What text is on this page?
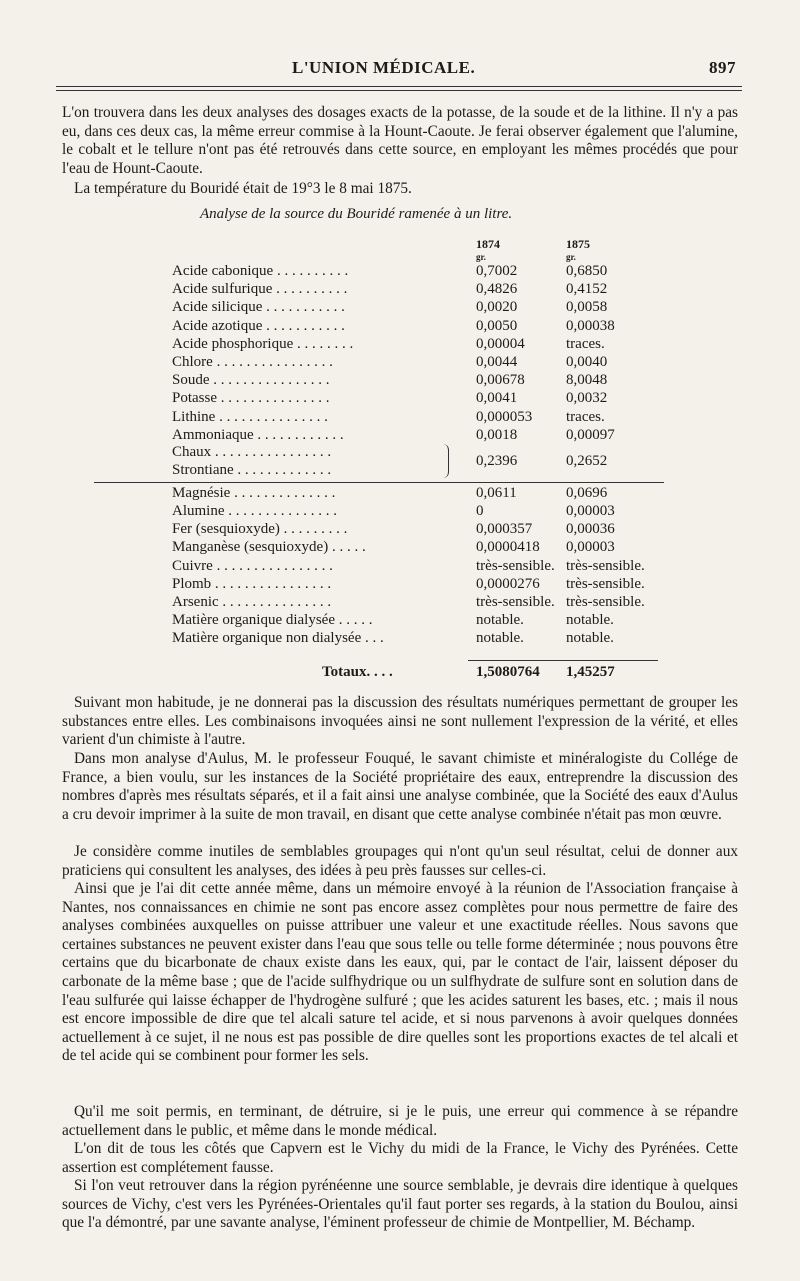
L'UNION MÉDICALE.	897
L'on trouvera dans les deux analyses des dosages exacts de la potasse, de la soude et de la lithine. Il n'y a pas eu, dans ces deux cas, la même erreur commise à la Hount-Caoute. Je ferai observer également que l'alumine, le cobalt et le tellure n'ont pas été retrouvés dans cette source, en employant les mêmes procédés que pour l'eau de Hount-Caoute.
La température du Bouridé était de 19°3 le 8 mai 1875.
Analyse de la source du Bouridé ramenée à un litre.
1874	1875
gr.	gr.
Acide cabonique . . . . . . . . . .	0,7002	0,6850
Acide sulfurique . . . . . . . . . .	0,4826	0,4152
Acide silicique . . . . . . . . . . .	0,0020	0,0058
Acide azotique . . . . . . . . . . .	0,0050	0,00038
Acide phosphorique . . . . . . . .	0,00004	traces.
Chlore . . . . . . . . . . . . . . . .	0,0044	0,0040
Soude . . . . . . . . . . . . . . . .	0,00678	8,0048
Potasse . . . . . . . . . . . . . . .	0,0041	0,0032
Lithine . . . . . . . . . . . . . . .	0,000053 traces.
Ammoniaque . . . . . . . . . . . .	0,0018	0,00097
Chaux . . . . . . . . . . . . . . . .
Strontiane . . . . . . . . . . . . .
0,2396	0,2652
Magnésie . . . . . . . . . . . . . .	0,0611	0,0696
Alumine . . . . . . . . . . . . . . .	0	0,00003
Fer (sesquioxyde) . . . . . . . . .	0,000357 0,00036
Manganèse (sesquioxyde) . . . . .	0,0000418 0,00003
Cuivre . . . . . . . . . . . . . . . .	très-sensible. très-sensible.
Plomb . . . . . . . . . . . . . . . .	0,0000276 très-sensible.
Arsenic . . . . . . . . . . . . . . .	très-sensible. très-sensible.
Matière organique dialysée . . . . .	notable.	notable.
Matière organique non dialysée . . .	notable.	notable.
Totaux. . . .	1,5080764 1,45257
Suivant mon habitude, je ne donnerai pas la discussion des résultats numériques permettant de grouper les substances entre elles. Les combinaisons invoquées ainsi ne sont nullement l'expression de la vérité, et elles varient d'un chimiste à l'autre.
Dans mon analyse d'Aulus, M. le professeur Fouqué, le savant chimiste et minéralogiste du Collége de France, a bien voulu, sur les instances de la Société propriétaire des eaux, entreprendre la discussion des nombres d'après mes résultats séparés, et il a fait ainsi une analyse combinée, que la Société des eaux d'Aulus a cru devoir imprimer à la suite de mon travail, en disant que cette analyse combinée n'était pas mon œuvre.
Je considère comme inutiles de semblables groupages qui n'ont qu'un seul résultat, celui de donner aux praticiens qui consultent les analyses, des idées à peu près fausses sur celles-ci.
Ainsi que je l'ai dit cette année même, dans un mémoire envoyé à la réunion de l'Association française à Nantes, nos connaissances en chimie ne sont pas encore assez complètes pour nous permettre de faire des analyses combinées auxquelles on puisse attribuer une valeur et une exactitude réelles. Nous savons que certaines substances ne peuvent exister dans l'eau que sous telle ou telle forme déterminée ; nous pouvons être certains que du bicarbonate de chaux existe dans les eaux, qui, par le contact de l'air, laissent déposer du carbonate de la même base ; que de l'acide sulfhydrique ou un sulfhydrate de sulfure sont en solution dans de l'eau sulfurée qui laisse échapper de l'hydrogène sulfuré ; que les acides saturent les bases, etc. ; mais il nous est encore impossible de dire que tel alcali sature tel acide, et si nous parvenons à avoir quelques données actuellement à ce sujet, il ne nous est pas possible de dire quelles sont les proportions exactes de tel alcali et de tel acide qui se combinent pour former les sels.
Qu'il me soit permis, en terminant, de détruire, si je le puis, une erreur qui commence à se répandre actuellement dans le public, et même dans le monde médical.
L'on dit de tous les côtés que Capvern est le Vichy du midi de la France, le Vichy des Pyrénées. Cette assertion est complétement fausse.
Si l'on veut retrouver dans la région pyrénéenne une source semblable, je devrais dire identique à quelques sources de Vichy, c'est vers les Pyrénées-Orientales qu'il faut porter ses regards, à la station du Boulou, ainsi que l'a démontré, par une savante analyse, l'éminent professeur de chimie de Montpellier, M. Béchamp.
